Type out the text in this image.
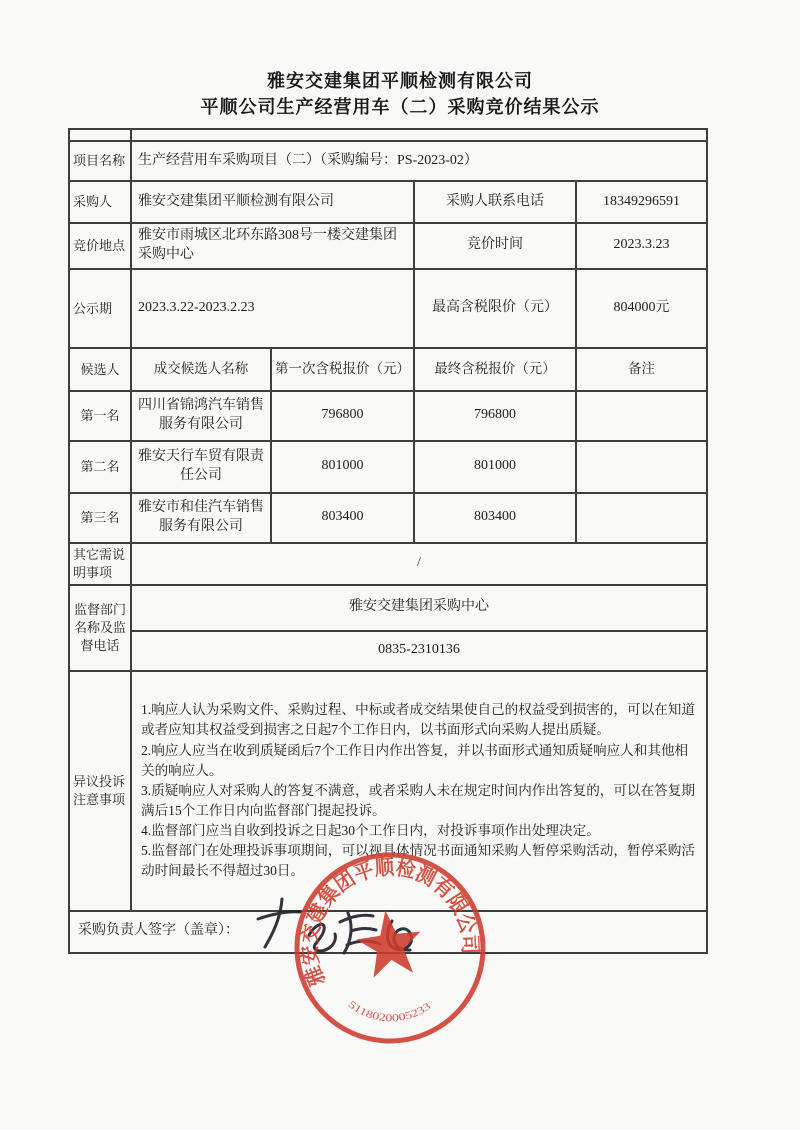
雅安交建集团平顺检测有限公司
平顺公司生产经营用车（二）采购竞价结果公示

项目名称	生产经营用车采购项目（二）（采购编号：PS-2023-02）			
采购人	雅安交建集团平顺检测有限公司		采购人联系电话	18349296591
竞价地点	雅安市雨城区北环东路308号一楼交建集团采购中心		竞价时间	2023.3.23
公示期	2023.3.22-2023.2.23		最高含税限价（元）	804000元
候选人	成交候选人名称	第一次含税报价（元）	最终含税报价（元）	备注
第一名	四川省锦鸿汽车销售服务有限公司	796800	796800	
第二名	雅安天行车贸有限责任公司	801000	801000	
第三名	雅安市和佳汽车销售服务有限公司	803400	803400	
其它需说明事项	/			
监督部门名称及监督电话	雅安交建集团采购中心			
	0835-2310136			
异议投诉注意事项	1.响应人认为采购文件、采购过程、中标或者成交结果使自己的权益受到损害的，可以在知道或者应知其权益受到损害之日起7个工作日内，以书面形式向采购人提出质疑。

2.响应人应当在收到质疑函后7个工作日内作出答复，并以书面形式通知质疑响应人和其他相关的响应人。

3.质疑响应人对采购人的答复不满意，或者采购人未在规定时间内作出答复的，可以在答复期满后15个工作日内向监督部门提起投诉。

4.监督部门应当自收到投诉之日起30个工作日内，对投诉事项作出处理决定。

5.监督部门在处理投诉事项期间，可以视具体情况书面通知采购人暂停采购活动，暂停采购活动时间最长不得超过30日。			

采购负责人签字（盖章）：				
雅安交建集团平顺检测有限公司
5118020005233
